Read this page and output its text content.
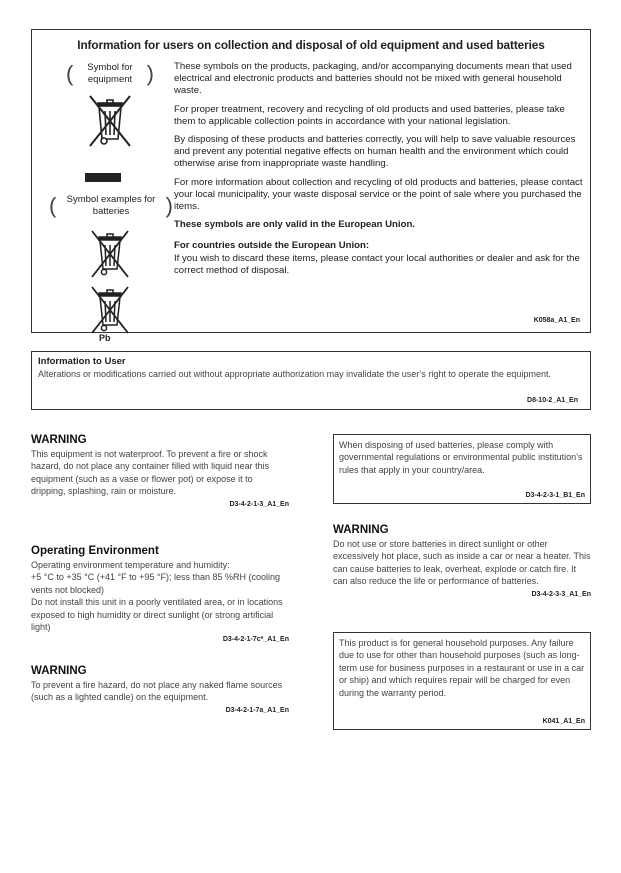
Information for users on collection and disposal of old equipment and used batteries
(	Symbol for equipment )
(	Symbol examples for batteries	)
Pb

These symbols on the products, packaging, and/or accompanying documents mean that used electrical and electronic products and batteries should not be mixed with general household waste.

For proper treatment, recovery and recycling of old products and used batteries, please take them to applicable collection points in accordance with your national legislation.

By disposing of these products and batteries correctly, you will help to save valuable resources and prevent any potential negative effects on human health and the environment which could otherwise arise from inappropriate waste handling.

For more information about collection and recycling of old products and batteries, please contact your local municipality, your waste disposal service or the point of sale where you purchased the items.

These symbols are only valid in the European Union.

For countries outside the European Union:

If you wish to discard these items, please contact your local authorities or dealer and ask for the correct method of disposal.

K058a_A1_En
Information to User
Alterations or modifications carried out without appropriate authorization may invalidate the user’s right to operate the equipment.
D8-10-2_A1_En
WARNING
This equipment is not waterproof. To prevent a fire or shock hazard, do not place any container filled with liquid near this equipment (such as a vase or flower pot) or expose it to dripping, splashing, rain or moisture.
D3-4-2-1-3_A1_En
Operating Environment
Operating environment temperature and humidity:
+5 °C to +35 °C (+41 °F to +95 °F); less than 85 %RH (cooling vents not blocked)
Do not install this unit in a poorly ventilated area, or in locations exposed to high humidity or direct sunlight (or strong artificial light)
D3-4-2-1-7c*_A1_En
WARNING
To prevent a fire hazard, do not place any naked flame sources (such as a lighted candle) on the equipment.
D3-4-2-1-7a_A1_En
When disposing of used batteries, please comply with governmental regulations or environmental public institution’s rules that apply in your country/area.
D3-4-2-3-1_B1_En
WARNING
Do not use or store batteries in direct sunlight or other excessively hot place, such as inside a car or near a heater. This can cause batteries to leak, overheat, explode or catch fire. It can also reduce the life or performance of batteries.
D3-4-2-3-3_A1_En
This product is for general household purposes. Any failure due to use for other than household purposes (such as long-term use for business purposes in a restaurant or use in a car or ship) and which requires repair will be charged for even during the warranty period.
K041_A1_En
